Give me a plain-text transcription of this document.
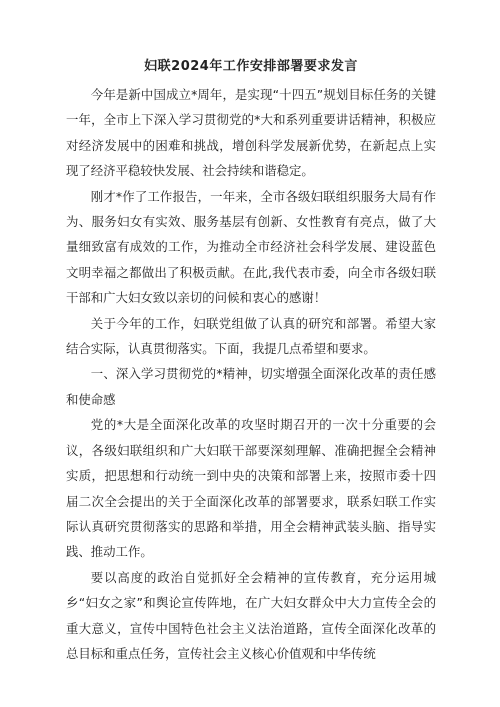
妇联2024年工作安排部署要求发言

今年是新中国成立*周年，是实现“十四五”规划目标任务的关键一年，全市上下深入学习贯彻党的*大和系列重要讲话精神，积极应对经济发展中的困难和挑战，增创科学发展新优势，在新起点上实现了经济平稳较快发展、社会持续和谐稳定。

刚才*作了工作报告，一年来，全市各级妇联组织服务大局有作为、服务妇女有实效、服务基层有创新、女性教育有亮点，做了大量细致富有成效的工作，为推动全市经济社会科学发展、建设蓝色文明幸福之都做出了积极贡献。在此,我代表市委，向全市各级妇联干部和广大妇女致以亲切的问候和衷心的感谢！

关于今年的工作，妇联党组做了认真的研究和部署。希望大家结合实际，认真贯彻落实。下面，我提几点希望和要求。

一、深入学习贯彻党的*精神，切实增强全面深化改革的责任感和使命感

党的*大是全面深化改革的攻坚时期召开的一次十分重要的会议，各级妇联组织和广大妇联干部要深刻理解、准确把握全会精神实质，把思想和行动统一到中央的决策和部署上来，按照市委十四届二次全会提出的关于全面深化改革的部署要求，联系妇联工作实际认真研究贯彻落实的思路和举措，用全会精神武装头脑、指导实践、推动工作。

要以高度的政治自觉抓好全会精神的宣传教育，充分运用城乡“妇女之家”和舆论宣传阵地，在广大妇女群众中大力宣传全会的重大意义，宣传中国特色社会主义法治道路，宣传全面深化改革的总目标和重点任务，宣传社会主义核心价值观和中华传统
